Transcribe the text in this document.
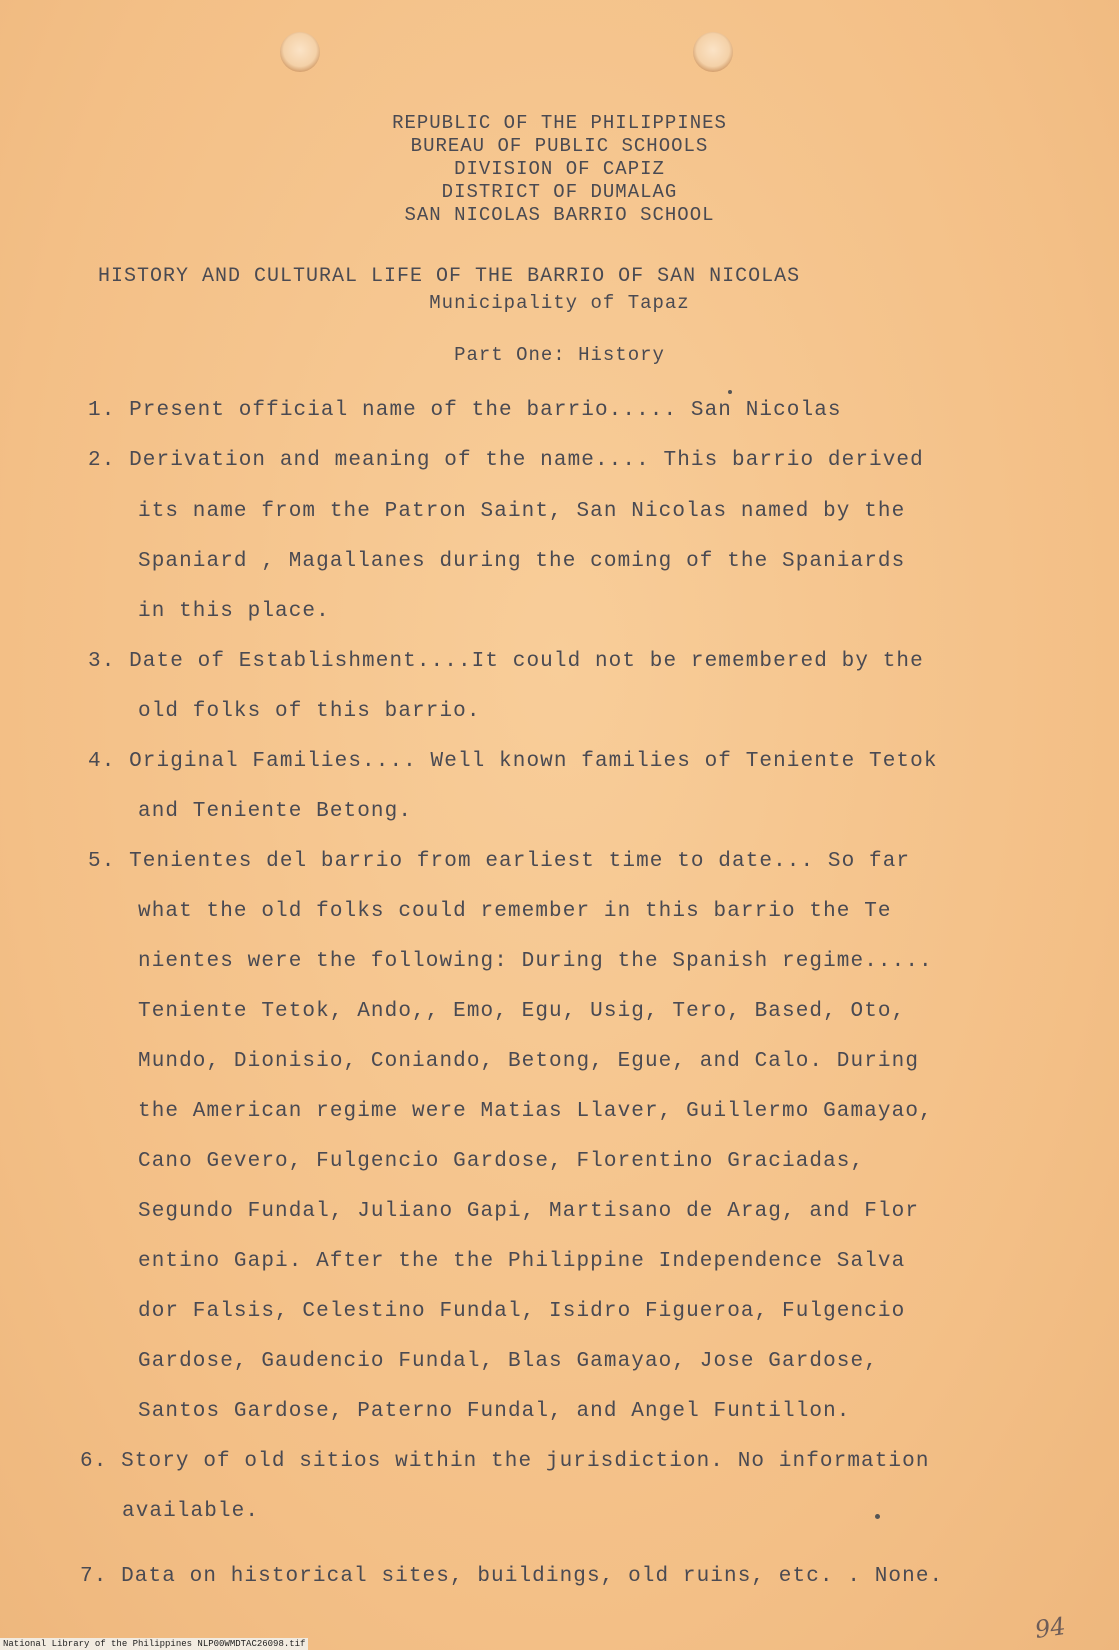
REPUBLIC OF THE PHILIPPINES
BUREAU OF PUBLIC SCHOOLS
DIVISION OF CAPIZ
DISTRICT OF DUMALAG
SAN NICOLAS BARRIO SCHOOL
HISTORY AND CULTURAL LIFE OF THE BARRIO OF SAN NICOLAS
Municipality of Tapaz
Part One: History
1. Present official name of the barrio..... San Nicolas
2. Derivation and meaning of the name.... This barrio derived
its name from the Patron Saint, San Nicolas named by the
Spaniard , Magallanes during the coming of the Spaniards
in this place.
3. Date of Establishment....It could not be remembered by the
old folks of this barrio.
4. Original Families.... Well known families of Teniente Tetok
and Teniente Betong.
5. Tenientes del barrio from earliest time to date... So far
what the old folks could remember in this barrio the Te
nientes were the following: During the Spanish regime.....
Teniente Tetok, Ando,, Emo, Egu, Usig, Tero, Based, Oto,
Mundo, Dionisio, Coniando, Betong, Egue, and Calo. During
the American regime were Matias Llaver, Guillermo Gamayao,
Cano Gevero, Fulgencio Gardose, Florentino Graciadas,
Segundo Fundal, Juliano Gapi, Martisano de Arag, and Flor
entino Gapi. After the the Philippine Independence Salva
dor Falsis, Celestino Fundal, Isidro Figueroa, Fulgencio
Gardose, Gaudencio Fundal, Blas Gamayao, Jose Gardose,
Santos Gardose, Paterno Fundal, and Angel Funtillon.
6. Story of old sitios within the jurisdiction. No information
available.
7. Data on historical sites, buildings, old ruins, etc. . None.
94
National Library of the Philippines NLP00WMDTAC26098.tif
